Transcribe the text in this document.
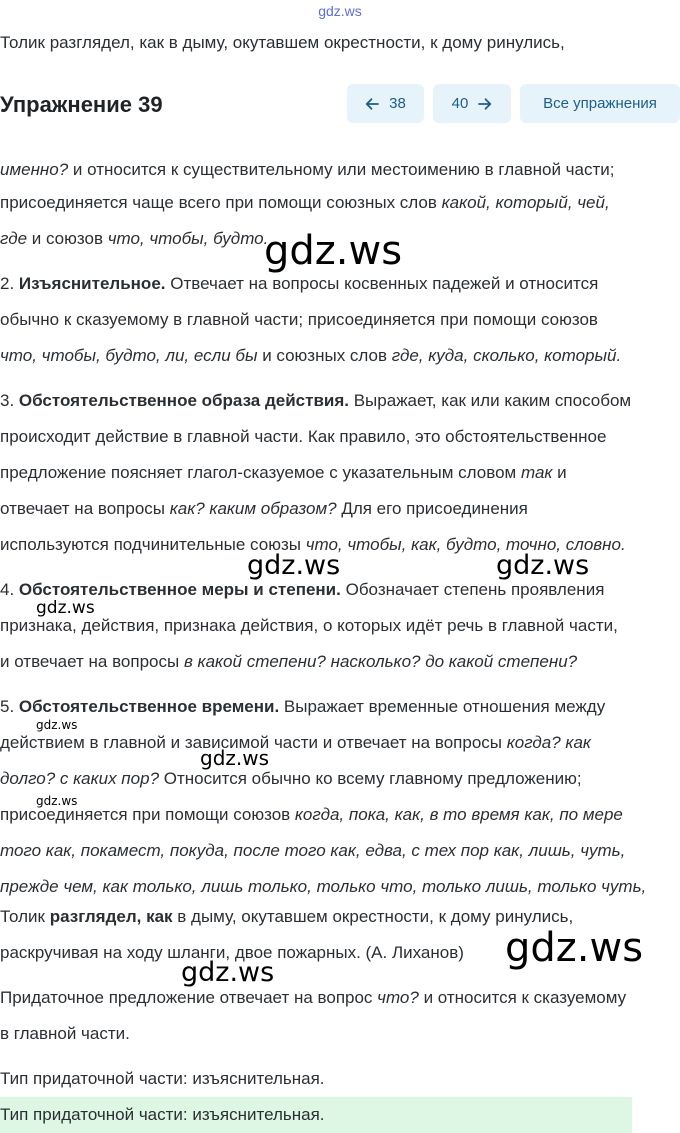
gdz.ws
Толик разглядел, как в дыму, окутавшем окрестности, к дому ринулись,
Упражнение 39	38	40	Все упражнения
именно? и относится к существительному или местоимению в главной части;
присоединяется чаще всего при помощи союзных слов какой, который, чей,
где и союзов что, чтобы, будто.
2. Изъяснительное. Отвечает на вопросы косвенных падежей и относится
обычно к сказуемому в главной части; присоединяется при помощи союзов
что, чтобы, будто, ли, если бы и союзных слов где, куда, сколько, который.
3. Обстоятельственное образа действия. Выражает, как или каким способом
происходит действие в главной части. Как правило, это обстоятельственное
предложение поясняет глагол-сказуемое с указательным словом так и
отвечает на вопросы как? каким образом? Для его присоединения
используются подчинительные союзы что, чтобы, как, будто, точно, словно.
4. Обстоятельственное меры и степени. Обозначает степень проявления
признака, действия, признака действия, о которых идёт речь в главной части,
и отвечает на вопросы в какой степени? насколько? до какой степени?
5. Обстоятельственное времени. Выражает временные отношения между
действием в главной и зависимой части и отвечает на вопросы когда? как
долго? с каких пор? Относится обычно ко всему главному предложению;
присоединяется при помощи союзов когда, пока, как, в то время как, по мере
того как, покамест, покуда, после того как, едва, с тех пор как, лишь, чуть,
прежде чем, как только, лишь только, только что, только лишь, только чуть,
Толик разглядел, как в дыму, окутавшем окрестности, к дому ринулись,
раскручивая на ходу шланги, двое пожарных. (А. Лиханов)
Придаточное предложение отвечает на вопрос что? и относится к сказуемому
в главной части.
Тип придаточной части: изъяснительная.
Тип придаточной части: изъяснительная.
gdz.ws
gdz.ws	gdz.ws
gdz.ws
gdz.ws
gdz.ws
gdz.ws
gdz.ws
gdz.ws
